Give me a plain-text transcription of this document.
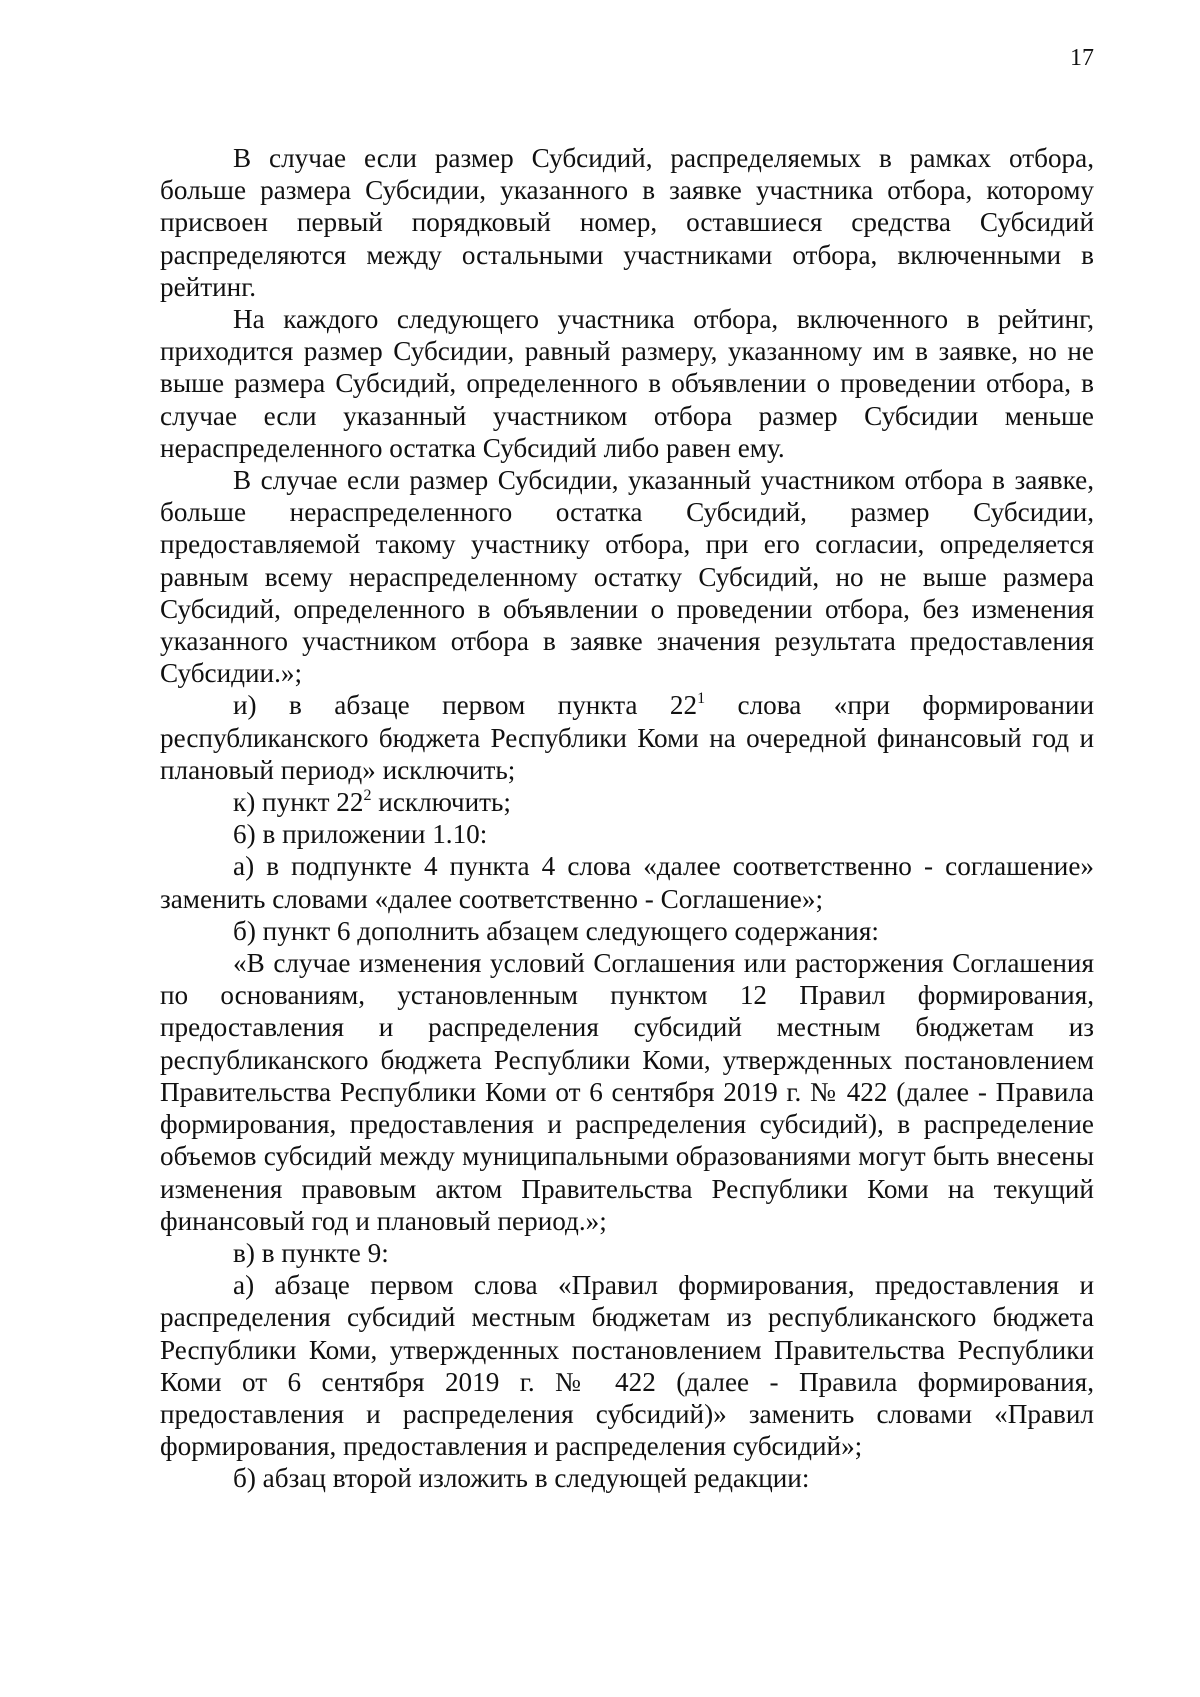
17

В случае если размер Субсидий, распределяемых в рамках отбора, больше размера Субсидии, указанного в заявке участника отбора, которому присвоен первый порядковый номер, оставшиеся средства Субсидий распределяются между остальными участниками отбора, включенными в рейтинг.

На каждого следующего участника отбора, включенного в рейтинг, приходится размер Субсидии, равный размеру, указанному им в заявке, но не выше размера Субсидий, определенного в объявлении о проведении отбора, в случае если указанный участником отбора размер Субсидии меньше нераспределенного остатка Субсидий либо равен ему.

В случае если размер Субсидии, указанный участником отбора в заявке, больше нераспределенного остатка Субсидий, размер Субсидии, предоставляемой такому участнику отбора, при его согласии, определяется равным всему нераспределенному остатку Субсидий, но не выше размера Субсидий, определенного в объявлении о проведении отбора, без изменения указанного участником отбора в заявке значения результата предоставления Субсидии.»;

и) в абзаце первом пункта $22^1$ слова «при формировании республиканского бюджета Республики Коми на очередной финансовый год и плановый период» исключить;

к) пункт $22^2$ исключить;

6) в приложении 1.10:

а) в подпункте 4 пункта 4 слова «далее соответственно - соглашение» заменить словами «далее соответственно - Соглашение»;

б) пункт 6 дополнить абзацем следующего содержания:

«В случае изменения условий Соглашения или расторжения Соглашения по основаниям, установленным пунктом 12 Правил формирования, предоставления и распределения субсидий местным бюджетам из республиканского бюджета Республики Коми, утвержденных постановлением Правительства Республики Коми от 6 сентября 2019 г. № 422 (далее - Правила формирования, предоставления и распределения субсидий), в распределение объемов субсидий между муниципальными образованиями могут быть внесены изменения правовым актом Правительства Республики Коми на текущий финансовый год и плановый период.»;

в) в пункте 9:

а) абзаце первом слова «Правил формирования, предоставления и распределения субсидий местным бюджетам из республиканского бюджета Республики Коми, утвержденных постановлением Правительства Республики Коми от 6 сентября 2019 г. № 422 (далее - Правила формирования, предоставления и распределения субсидий)» заменить словами «Правил формирования, предоставления и распределения субсидий»;

б) абзац второй изложить в следующей редакции:
